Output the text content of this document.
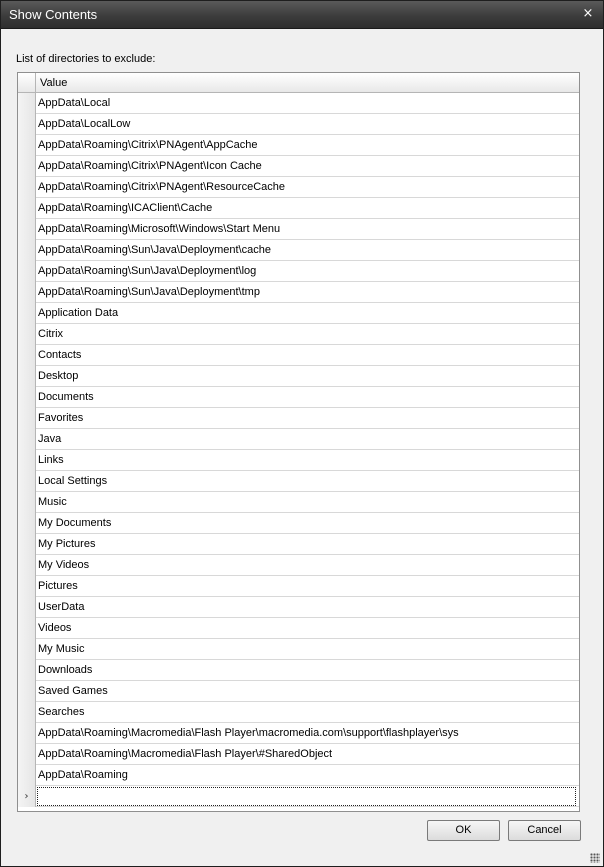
Show Contents	×
List of directories to exclude:
Value
AppData\Local
AppData\LocalLow
AppData\Roaming\Citrix\PNAgent\AppCache
AppData\Roaming\Citrix\PNAgent\Icon Cache
AppData\Roaming\Citrix\PNAgent\ResourceCache
AppData\Roaming\ICAClient\Cache
AppData\Roaming\Microsoft\Windows\Start Menu
AppData\Roaming\Sun\Java\Deployment\cache
AppData\Roaming\Sun\Java\Deployment\log
AppData\Roaming\Sun\Java\Deployment\tmp
Application Data
Citrix
Contacts
Desktop
Documents
Favorites
Java
Links
Local Settings
Music
My Documents
My Pictures
My Videos
Pictures
UserData
Videos
My Music
Downloads
Saved Games
Searches
AppData\Roaming\Macromedia\Flash Player\macromedia.com\support\flashplayer\sys
AppData\Roaming\Macromedia\Flash Player\#SharedObject
AppData\Roaming
›
OK	Cancel
